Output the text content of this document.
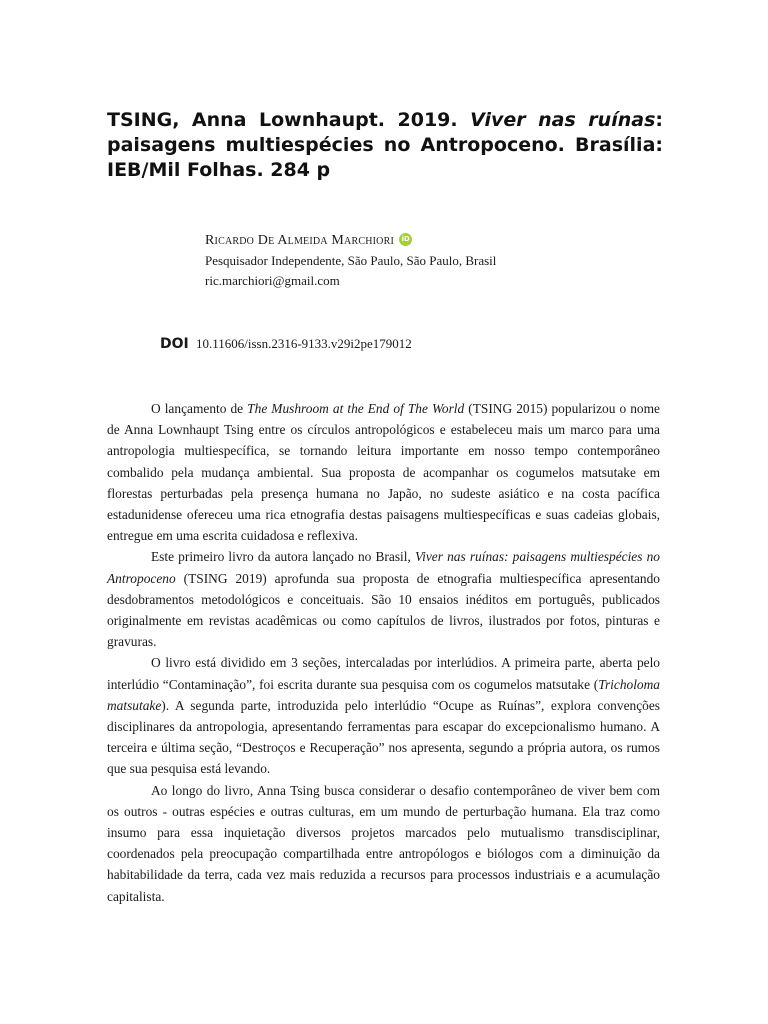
TSING, Anna Lownhaupt. 2019. Viver nas ruínas: paisagens multiespécies no Antropoceno. Brasília: IEB/Mil Folhas. 284 p
Ricardo De Almeida Marchiori iD
Pesquisador Independente, São Paulo, São Paulo, Brasil
ric.marchiori@gmail.com
DOI 10.11606/issn.2316-9133.v29i2pe179012

O lançamento de The Mushroom at the End of The World (TSING 2015) popularizou o nome de Anna Lownhaupt Tsing entre os círculos antropológicos e estabeleceu mais um marco para uma antropologia multiespecífica, se tornando leitura importante em nosso tempo contemporâneo combalido pela mudança ambiental. Sua proposta de acompanhar os cogumelos matsutake em florestas perturbadas pela presença humana no Japão, no sudeste asiático e na costa pacífica estadunidense ofereceu uma rica etnografia destas paisagens multiespecíficas e suas cadeias globais, entregue em uma escrita cuidadosa e reflexiva.

Este primeiro livro da autora lançado no Brasil, Viver nas ruínas: paisagens multiespécies no Antropoceno (TSING 2019) aprofunda sua proposta de etnografia multiespecífica apresentando desdobramentos metodológicos e conceituais. São 10 ensaios inéditos em português, publicados originalmente em revistas acadêmicas ou como capítulos de livros, ilustrados por fotos, pinturas e gravuras.

O livro está dividido em 3 seções, intercaladas por interlúdios. A primeira parte, aberta pelo interlúdio “Contaminação”, foi escrita durante sua pesquisa com os cogumelos matsutake (Tricholoma matsutake). A segunda parte, introduzida pelo interlúdio “Ocupe as Ruínas”, explora convenções disciplinares da antropologia, apresentando ferramentas para escapar do excepcionalismo humano. A terceira e última seção, “Destroços e Recuperação” nos apresenta, segundo a própria autora, os rumos que sua pesquisa está levando.

Ao longo do livro, Anna Tsing busca considerar o desafio contemporâneo de viver bem com os outros - outras espécies e outras culturas, em um mundo de perturbação humana. Ela traz como insumo para essa inquietação diversos projetos marcados pelo mutualismo transdisciplinar, coordenados pela preocupação compartilhada entre antropólogos e biólogos com a diminuição da habitabilidade da terra, cada vez mais reduzida a recursos para processos industriais e a acumulação capitalista.
